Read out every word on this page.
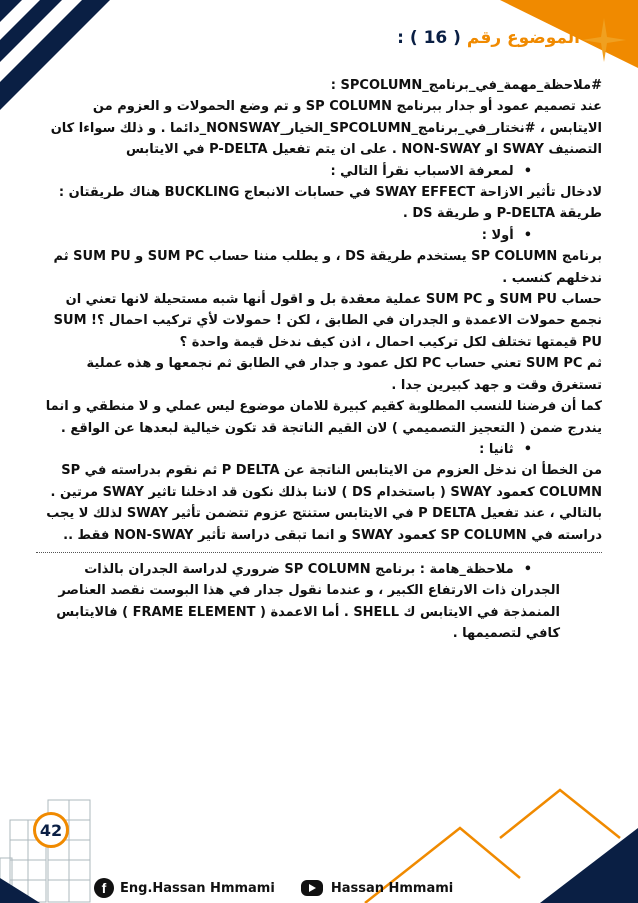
الموضوع رقم ( 16 ) :

#ملاحظة_مهمة_في_برنامج_SPCOLUMN :

عند تصميم عمود أو جدار ببرنامج SP COLUMN و تم وضع الحمولات و العزوم من الايتابس ، #نختار_في_برنامج_SPCOLUMN_الخيار_NONSWAY_دائما . و ذلك سواءا كان التصنيف SWAY او NON-SWAY . على ان يتم تفعيل P-DELTA في الايتابس

• لمعرفة الاسباب نقرأ التالي :

لادخال تأثير الازاحة SWAY EFFECT في حسابات الانبعاج BUCKLING هناك طريقتان : طريقة P-DELTA و طريقة DS .

• أولا :

برنامج SP COLUMN يستخدم طريقة DS ، و يطلب مننا حساب SUM PC و SUM PU ثم ندخلهم كنسب .

حساب SUM PU و SUM PC عملية معقدة بل و اقول أنها شبه مستحيلة لانها تعني ان نجمع حمولات الاعمدة و الجدران في الطابق ، لكن ! حمولات لأي تركيب احمال ؟! SUM PU قيمتها تختلف لكل تركيب احمال ، اذن كيف ندخل قيمة واحدة ؟

ثم SUM PC تعني حساب PC لكل عمود و جدار في الطابق ثم نجمعها و هذه عملية تستغرق وقت و جهد كبيرين جدا .

كما أن فرضنا للنسب المطلوبة كقيم كبيرة للامان موضوع ليس عملي و لا منطقي و انما يندرج ضمن ( التعجيز التصميمي ) لان القيم الناتجة قد تكون خيالية لبعدها عن الواقع .

• ثانيا :

من الخطأ ان ندخل العزوم من الايتابس الناتجة عن P DELTA ثم نقوم بدراسته في SP COLUMN كعمود SWAY ( باستخدام DS ) لاننا بذلك نكون قد ادخلنا تاثير SWAY مرتين .

بالتالي ، عند تفعيل P DELTA في الايتابس ستنتج عزوم تتضمن تأثير SWAY لذلك لا يجب دراسته في SP COLUMN كعمود SWAY و انما تبقى دراسة تأثير NON-SWAY فقط ..

• ملاحظة_هامة : برنامج SP COLUMN ضروري لدراسة الجدران بالذات الجدران ذات الارتفاع الكبير ، و عندما نقول جدار في هذا البوست نقصد العناصر المنمذجة في الايتابس ك SHELL . أما الاعمدة ( FRAME ELEMENT ) فالايتابس كافي لتصميمها .

42
f	Eng.Hassan Hmmami	Hassan Hmmami
